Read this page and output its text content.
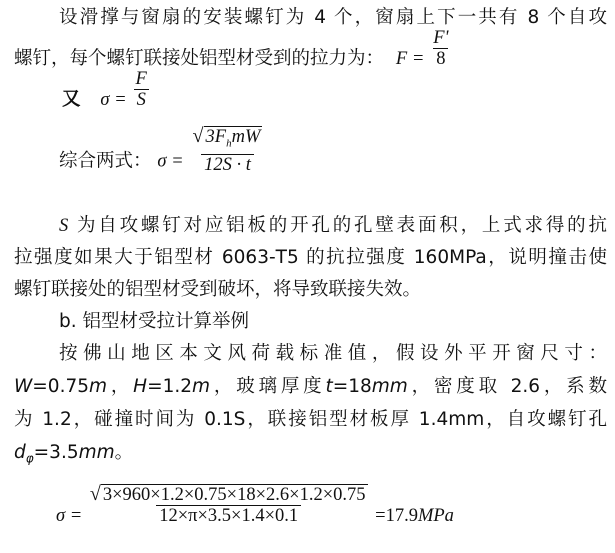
设滑撑与窗扇的安装螺钉为 4 个，窗扇上下一共有 8 个自攻
螺钉，每个螺钉联接处铝型材受到的拉力为： $F = \frac{F'}{8}$
又 $\sigma = \frac{F}{S}$
综合两式： $\sigma = \frac{√ 3F_hmW}{12S \cdot t}$
S 为自攻螺钉对应铝板的开孔的孔壁表面积，上式求得的抗
拉强度如果大于铝型材 6063-T5 的抗拉强度 160MPa，说明撞击使
螺钉联接处的铝型材受到破坏，将导致联接失效。
b. 铝型材受拉计算举例
按佛山地区本文风荷载标准值，假设外平开窗尺寸：
W=0.75m，H=1.2m，玻璃厚度t=18mm，密度取 2.6，系数
为 1.2，碰撞时间为 0.1S，联接铝型材板厚 1.4mm，自攻螺钉孔
$d_\varphi=3.5mm$。
$\sigma = \frac{√ 3\times 960\times 1.2\times 0.75\times 18\times 2.6\times 1.2\times 0.75}{12\times\pi\times 3.5\times 1.4\times 0.1} =17.9MPa$
